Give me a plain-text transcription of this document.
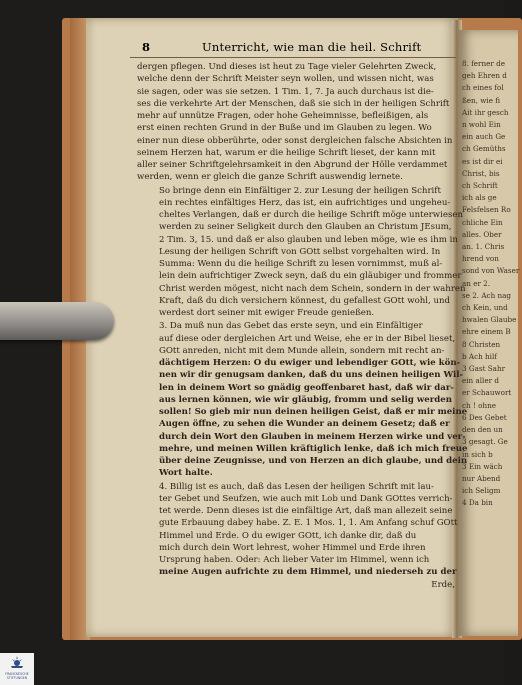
8	Unterricht, wie man die heil. Schrift

dergen pflegen. Und dieses ist heut zu Tage vieler Gelehrten Zweck,
welche denn der Schrift Meister seyn wollen, und wissen nicht, was
sie sagen, oder was sie setzen. 1 Tim. 1, 7. Ja auch durchaus ist die-
ses die verkehrte Art der Menschen, daß sie sich in der heiligen Schrift
mehr auf unnütze Fragen, oder hohe Geheimnisse, befleißigen, als
erst einen rechten Grund in der Buße und im Glauben zu legen. Wo
einer nun diese obberührte, oder sonst dergleichen falsche Absichten in
seinem Herzen hat, warum er die heilige Schrift lieset, der kann mit
aller seiner Schriftgelehrsamkeit in den Abgrund der Hölle verdammet
werden, wenn er gleich die ganze Schrift auswendig lernete.

So bringe denn ein Einfältiger 2. zur Lesung der heiligen Schrift
ein rechtes einfältiges Herz, das ist, ein aufrichtiges und ungeheu-
cheltes Verlangen, daß er durch die heilige Schrift möge unterwiesen
werden zu seiner Seligkeit durch den Glauben an Christum JEsum,
2 Tim. 3, 15. und daß er also glauben und leben möge, wie es ihm in
Lesung der heiligen Schrift von GOtt selbst vorgehalten wird. In
Summa: Wenn du die heilige Schrift zu lesen vornimmst, muß al-
lein dein aufrichtiger Zweck seyn, daß du ein gläubiger und frommer
Christ werden mögest, nicht nach dem Schein, sondern in der wahren
Kraft, daß du dich versichern könnest, du gefallest GOtt wohl, und
werdest dort seiner mit ewiger Freude genießen.

3. Da muß nun das Gebet das erste seyn, und ein Einfältiger
auf diese oder dergleichen Art und Weise, ehe er in der Bibel lieset,
GOtt anreden, nicht mit dem Munde allein, sondern mit recht an-
dächtigem Herzen: O du ewiger und lebendiger GOtt, wie kön-
nen wir dir genugsam danken, daß du uns deinen heiligen Wil-
len in deinem Wort so gnädig geoffenbaret hast, daß wir dar-
aus lernen können, wie wir gläubig, fromm und selig werden
sollen! So gieb mir nun deinen heiligen Geist, daß er mir meine
Augen öffne, zu sehen die Wunder an deinem Gesetz; daß er
durch dein Wort den Glauben in meinem Herzen wirke und ver-
mehre, und meinen Willen kräftiglich lenke, daß ich mich freue
über deine Zeugnisse, und von Herzen an dich glaube, und dein
Wort halte.

4. Billig ist es auch, daß das Lesen der heiligen Schrift mit lau-
ter Gebet und Seufzen, wie auch mit Lob und Dank GOttes verrich-
tet werde. Denn dieses ist die einfältige Art, daß man allezeit seine
gute Erbauung dabey habe. Z. E. 1 Mos. 1, 1. Am Anfang schuf GOtt
Himmel und Erde. O du ewiger GOtt, ich danke dir, daß du
mich durch dein Wort lehrest, woher Himmel und Erde ihren
Ursprung haben. Oder: Ach lieber Vater im Himmel, wenn ich
meine Augen aufrichte zu dem Himmel, und niederseh zu der
Erde,

8. ferner de
geh Ehren d
ch eines fol
ßen, wie fi
Ait ihr gesch
n wohl Ein
ein auch Ge
ch Gemüths
es ist dir ei
Christ, bis
ch Schrift
ich als ge
Felsfelsen Ro
chliche Ein
alles. Ober
an. 1. Chris
hrend von
sond von Waser
an er 2.
se 2. Ach nag
ch Kein, und
hwalen Glaube
ehre einem B
8 Christen
b Ach hilf
3 Gast Sahr
ein aller d
er Schauwort
ch ! ohne
6 Des Gebet
den den un
3 gesagt. Ge
in sich b
3 Ein wäch
nur Abend
ich Seligm
4 Da bin
FRANCKESCHE
STIFTUNGEN
